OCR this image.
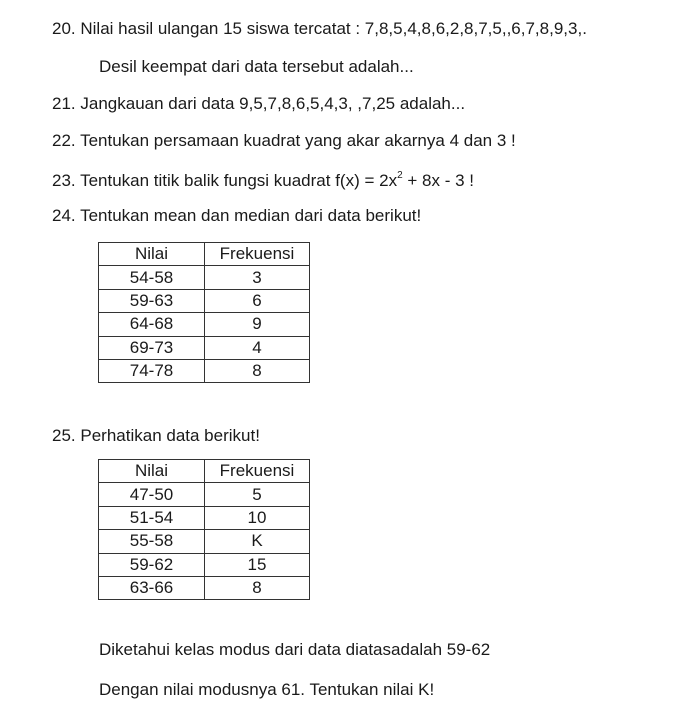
20. Nilai hasil ulangan 15 siswa tercatat : 7,8,5,4,8,6,2,8,7,5,,6,7,8,9,3,.
Desil keempat dari data tersebut adalah...
21. Jangkauan dari data 9,5,7,8,6,5,4,3, ,7,25 adalah...
22. Tentukan persamaan kuadrat yang akar akarnya 4 dan 3 !
23. Tentukan titik balik fungsi kuadrat $f(x) = 2x^2 + 8x - 3$ !
24. Tentukan mean dan median dari data berikut!
Nilai	Frekuensi
54-58	3
59-63	6
64-68	9
69-73	4
74-78	8
25. Perhatikan data berikut!
Nilai	Frekuensi
47-50	5
51-54	10
55-58	K
59-62	15
63-66	8
Diketahui kelas modus dari data diatasadalah 59-62
Dengan nilai modusnya 61. Tentukan nilai K!
